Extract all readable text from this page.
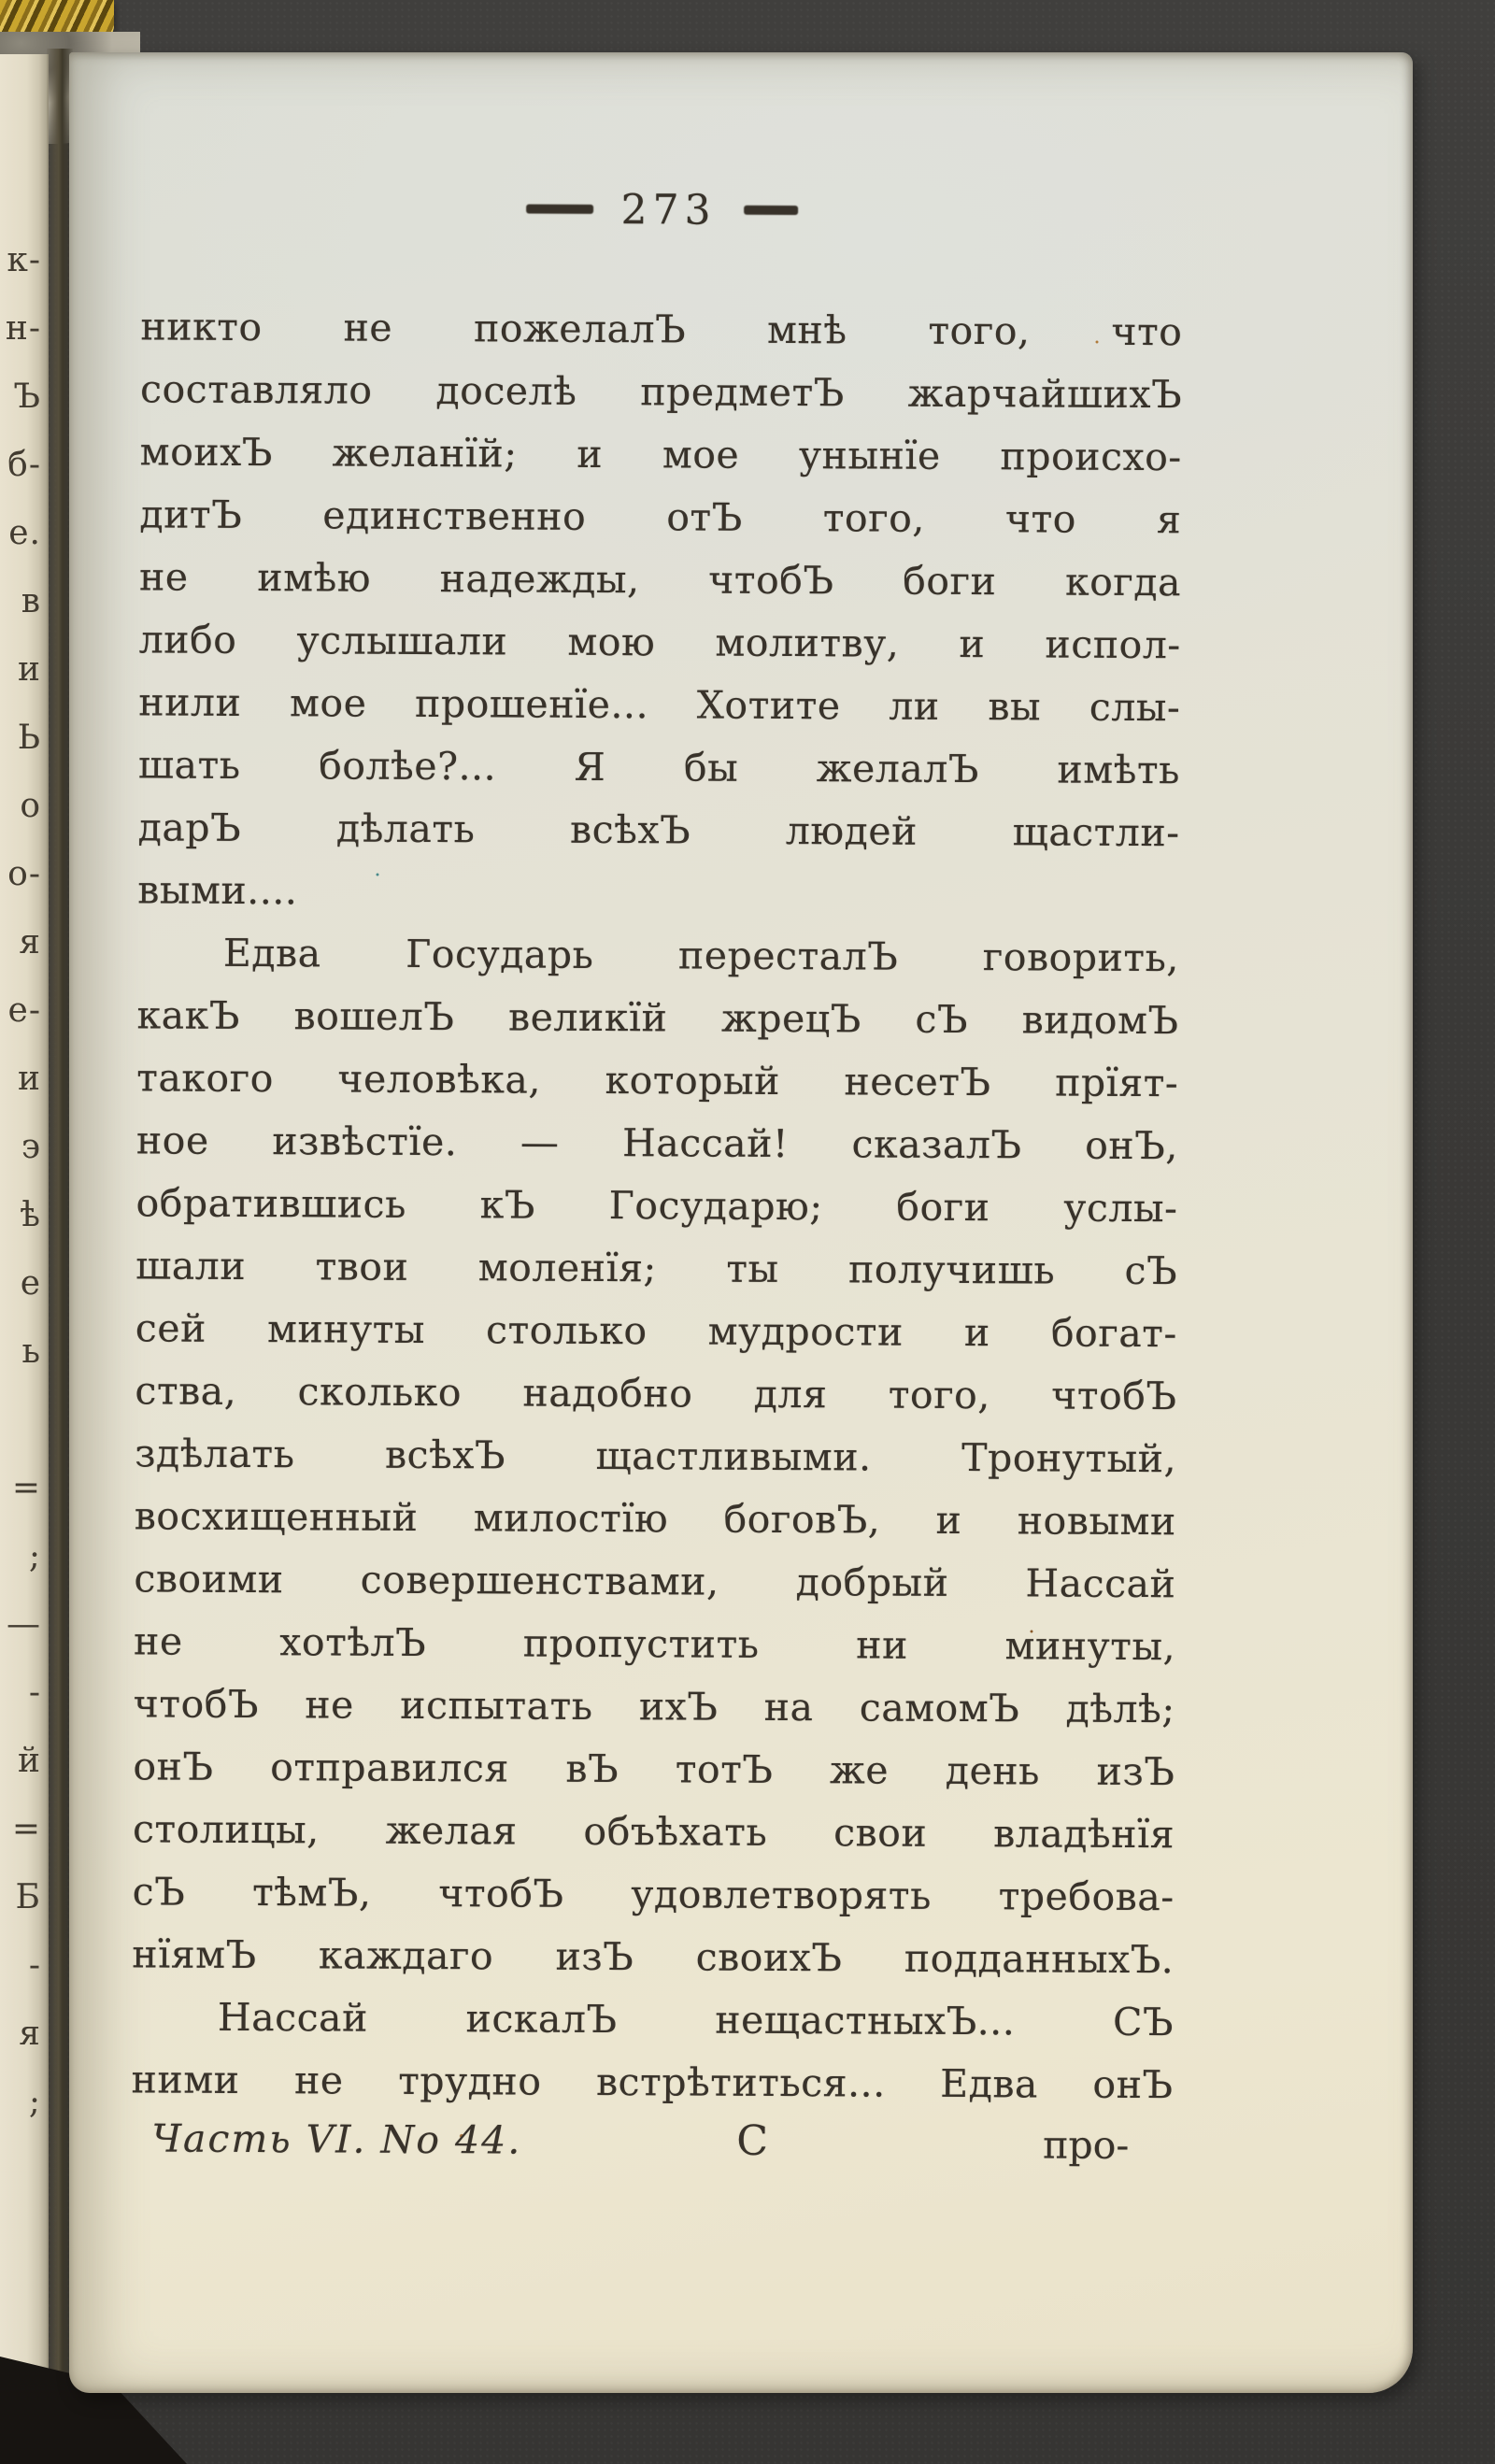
к-
н-
Ъ
б-
е.
в
и
Ь
о
о-
я
е-
и
э
ѣ
е
ь
=
;
—
-
й
=
Б
-
я
;
273
никто не пожелалЪ мнѣ того, что
составляло доселѣ предметЪ жарчайшихЪ
моихЪ желанїй; и мое унынїе происхо-
дитЪ единственно отЪ того, что я
не имѣю надежды, чтобЪ боги когда
либо услышали мою молитву, и испол-
нили мое прошенїе... Хотите ли вы слы-
шать болѣе?... Я бы желалЪ имѣть
дарЪ дѣлать всѣхЪ людей щастли-
выми....
Едва Государь пересталЪ говорить,
какЪ вошелЪ великїй жрецЪ сЪ видомЪ
такого человѣка, который несетЪ прїят-
ное извѣстїе. — Нассай! сказалЪ онЪ,
обратившись кЪ Государю; боги услы-
шали твои моленїя; ты получишь сЪ
сей минуты столько мудрости и богат-
ства, сколько надобно для того, чтобЪ
здѣлать всѣхЪ щастливыми. Тронутый,
восхищенный милостїю боговЪ, и новыми
своими совершенствами, добрый Нассай
не	хотѣлЪ	пропустить	ни	минуты,
чтобЪ не испытать ихЪ на самомЪ дѣлѣ;
онЪ отправился вЪ тотЪ же день изЪ
столицы, желая объѣхать свои владѣнїя
сЪ тѣмЪ, чтобЪ удовлетворять требова-
нїямЪ каждаго изЪ своихЪ подданныхЪ.
Нассай	искалЪ	нещастныхЪ...	СЪ
ними не трудно встрѣтиться... Едва онЪ
Часть VI. No 44.	С	про-
